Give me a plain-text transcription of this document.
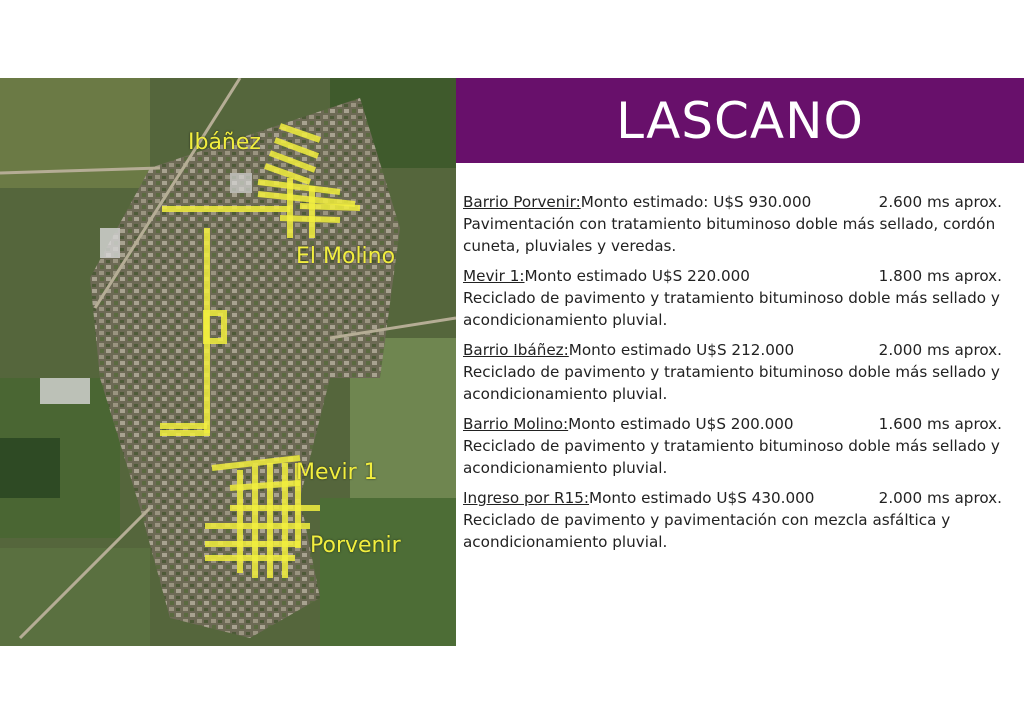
Ibáñez
El Molino
Mevir 1
Porvenir
LASCANO
Barrio Porvenir: Monto estimado: U$S 930.000	2.600 ms aprox.
Pavimentación con tratamiento bituminoso doble más sellado, cordón cuneta, pluviales y veredas.
Mevir 1: Monto estimado U$S 220.000	1.800 ms aprox.
Reciclado de pavimento y tratamiento bituminoso doble más sellado y acondicionamiento pluvial.
Barrio Ibáñez: Monto estimado U$S 212.000	2.000 ms aprox.
Reciclado de pavimento y tratamiento bituminoso doble más sellado y acondicionamiento pluvial.
Barrio Molino: Monto estimado U$S 200.000	1.600 ms aprox.
Reciclado de pavimento y tratamiento bituminoso doble más sellado y acondicionamiento pluvial.
Ingreso por R15: Monto estimado U$S 430.000	2.000 ms aprox.
Reciclado de pavimento y pavimentación con mezcla asfáltica y acondicionamiento pluvial.
